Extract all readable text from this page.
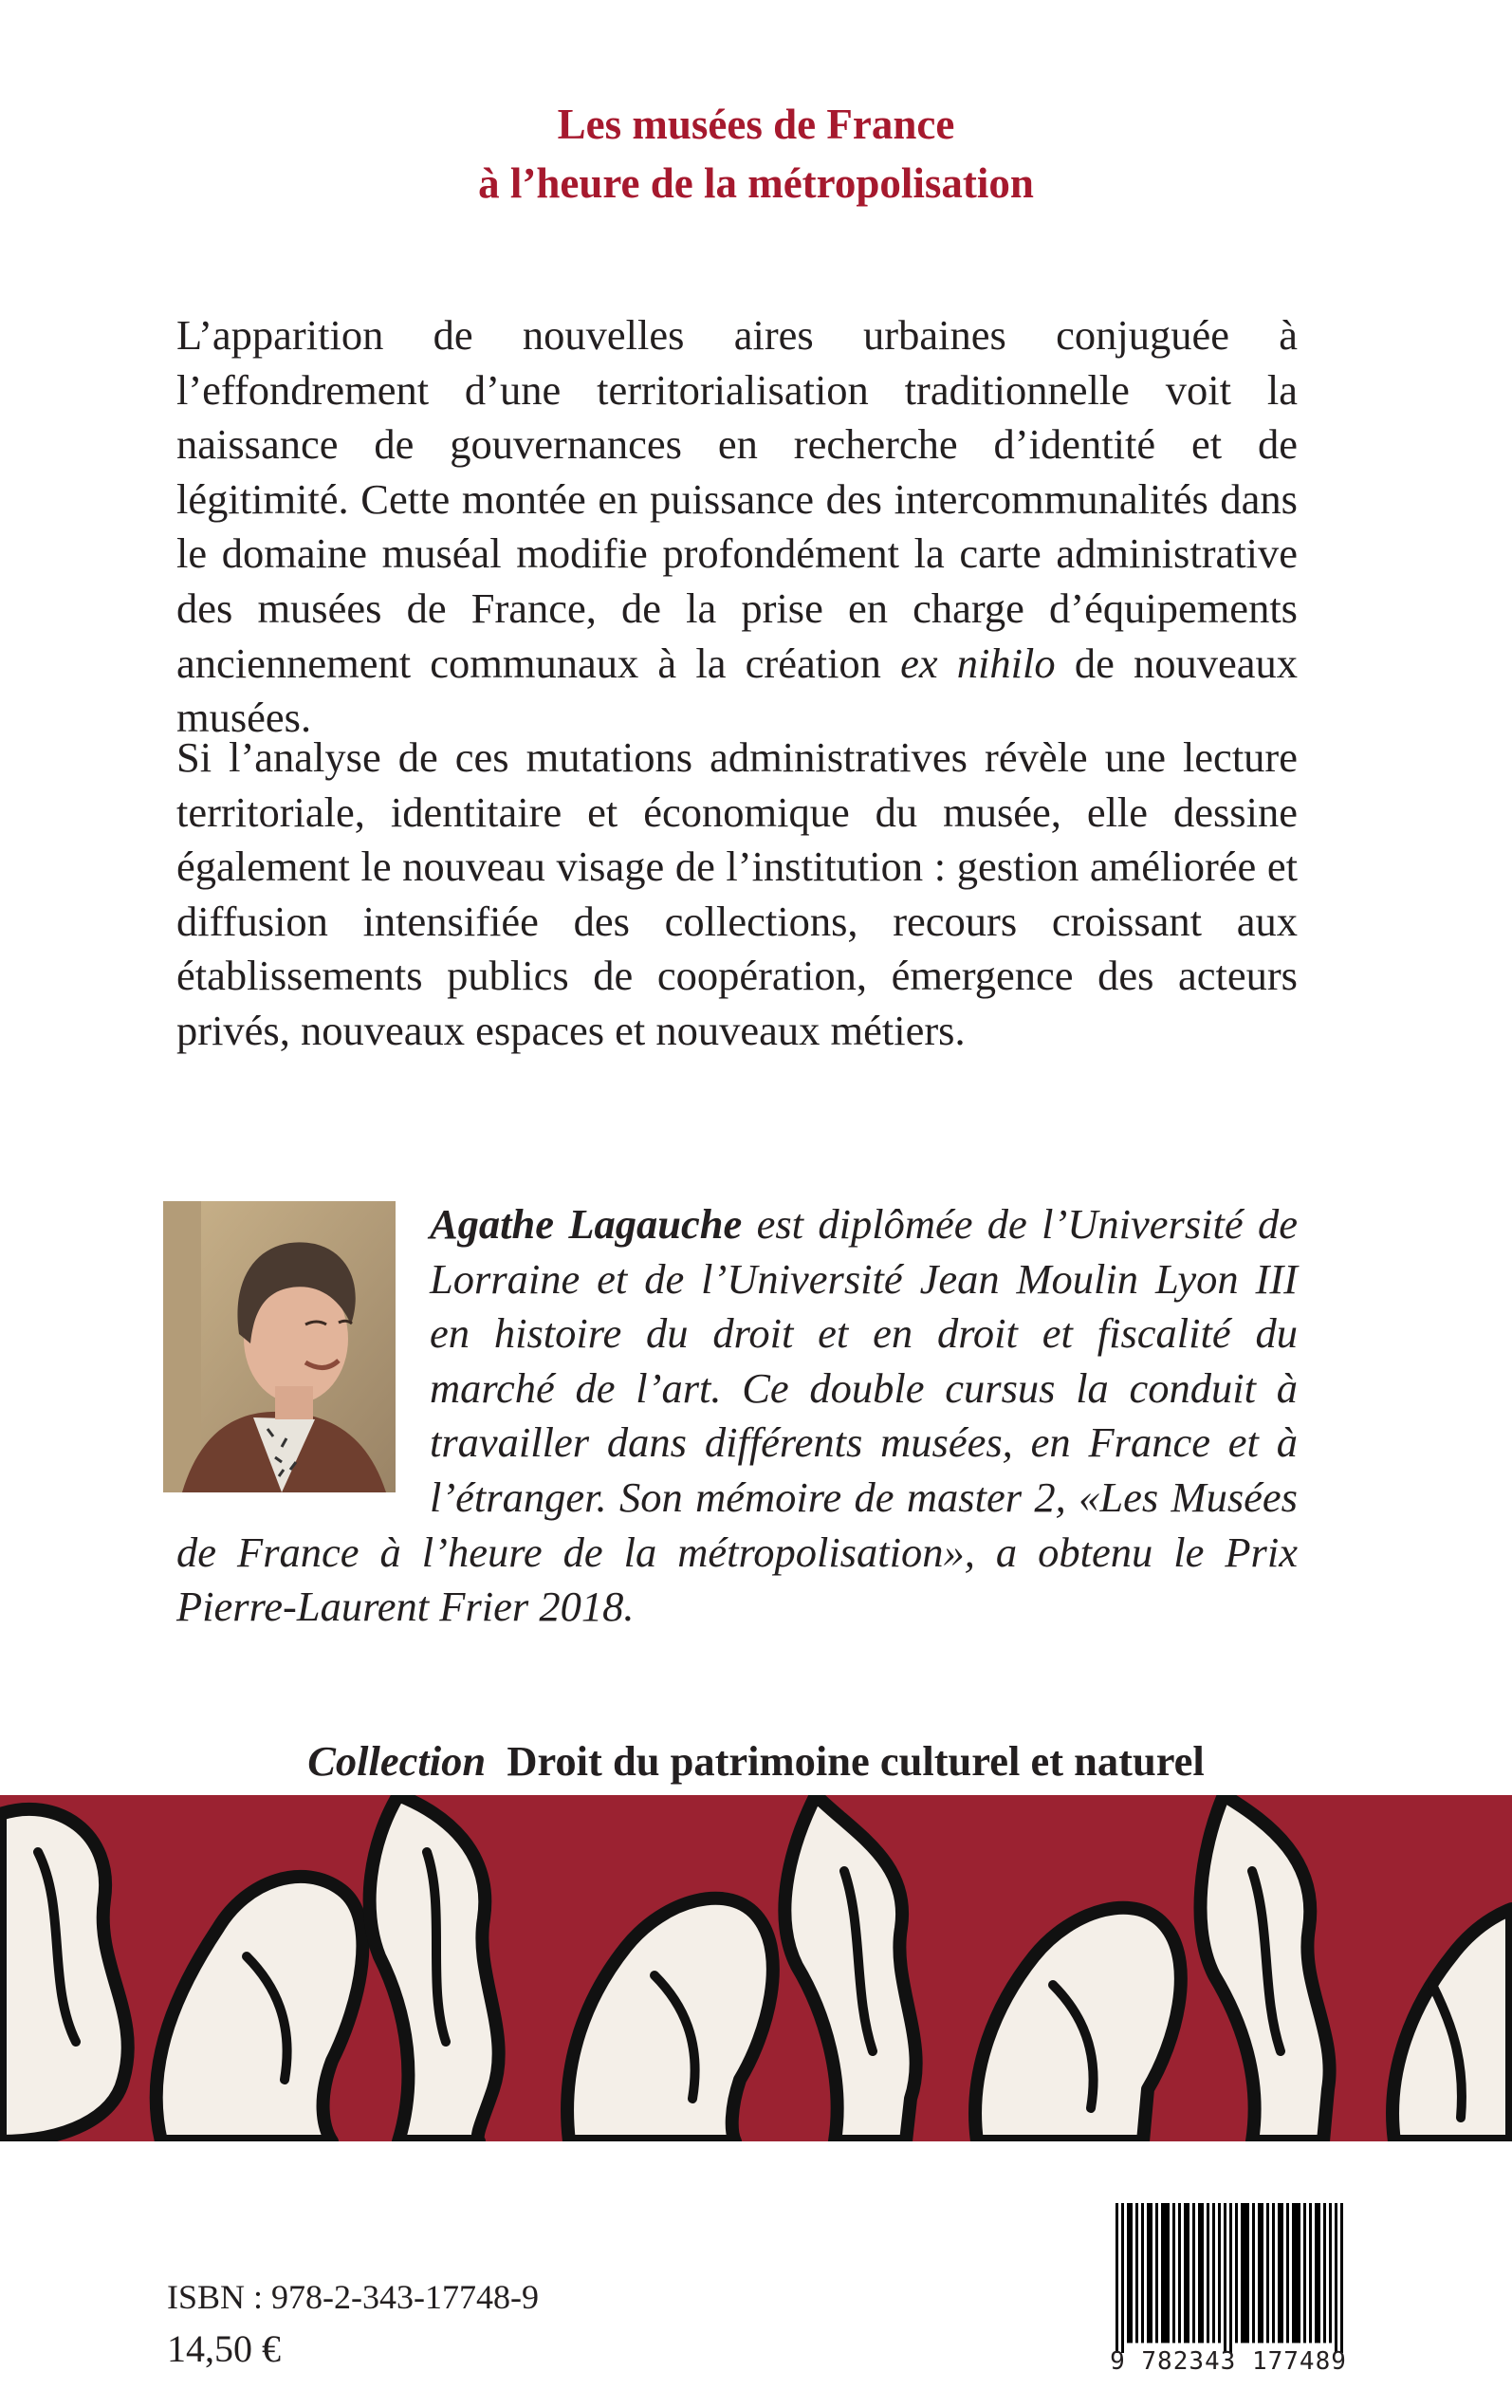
Les musées de France
à l’heure de la métropolisation

L’apparition de nouvelles aires urbaines conjuguée à l’effondrement d’une territorialisation traditionnelle voit la naissance de gouvernances en recherche d’identité et de légitimité. Cette montée en puissance des intercommunalités dans le domaine muséal modifie profondément la carte administrative des musées de France, de la prise en charge d’équipements anciennement communaux à la création ex nihilo de nouveaux musées.

Si l’analyse de ces mutations administratives révèle une lecture territoriale, identitaire et économique du musée, elle dessine également le nouveau visage de l’institution : gestion améliorée et diffusion intensifiée des collections, recours croissant aux établissements publics de coopération, émergence des acteurs privés, nouveaux espaces et nouveaux métiers.

Agathe Lagauche est diplômée de l’Université de Lorraine et de l’Université Jean Moulin Lyon III en histoire du droit et en droit et fiscalité du marché de l’art. Ce double cursus la conduit à travailler dans différents musées, en France et à l’étranger. Son mémoire de master 2, «Les Musées de France à l’heure de la métropolisation», a obtenu le Prix Pierre-Laurent Frier 2018.

Collection Droit du patrimoine culturel et naturel
ISBN : 978-2-343-17748-9
14,50 €	9 782343 177489
